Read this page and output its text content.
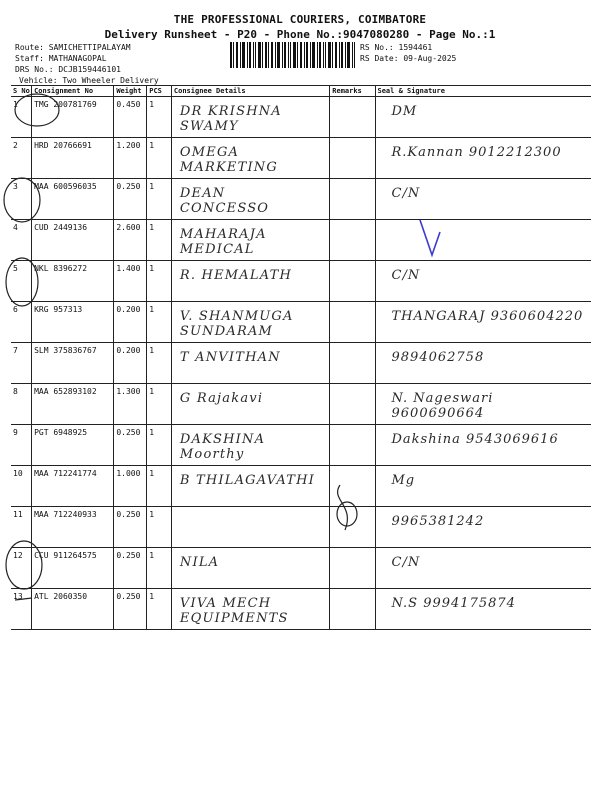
THE PROFESSIONAL COURIERS, COIMBATORE
Delivery Runsheet - P20 - Phone No.:9047080280 - Page No.:1
Route: SAMICHETTIPALAYAM
Staff: MATHANAGOPAL
DRS No.: DCJB159446101
Vehicle: Two Wheeler Delivery
RS No.: 1594461
RS Date: 09-Aug-2025
S No	Consignment No	Weight	PCS	Consignee Details	Remarks	Seal & Signature
1	TMG 200781769	0.450	1	DR KRISHNA SWAMY		DM

2	HRD 20766691	1.200	1	OMEGA MARKETING		R.Kannan 9012212300

3	MAA 600596035	0.250	1	DEAN CONCESSO		C/N

4	CUD 2449136	2.600	1	MAHARAJA MEDICAL		

5	NKL 8396272	1.400	1	R. HEMALATH		C/N

6	KRG 957313	0.200	1	V. SHANMUGA SUNDARAM		THANGARAJ 9360604220

7	SLM 375836767	0.200	1	T ANVITHAN		9894062758

8	MAA 652893102	1.300	1	G Rajakavi		N. Nageswari 9600690664

9	PGT 6948925	0.250	1	DAKSHINA Moorthy		Dakshina 9543069616

10	MAA 712241774	1.000	1	B THILAGAVATHI		Mg

11	MAA 712240933	0.250	1			9965381242

12	CCU 911264575	0.250	1	NILA		C/N

13	ATL 2060350	0.250	1	VIVA MECH EQUIPMENTS		N.S 9994175874
